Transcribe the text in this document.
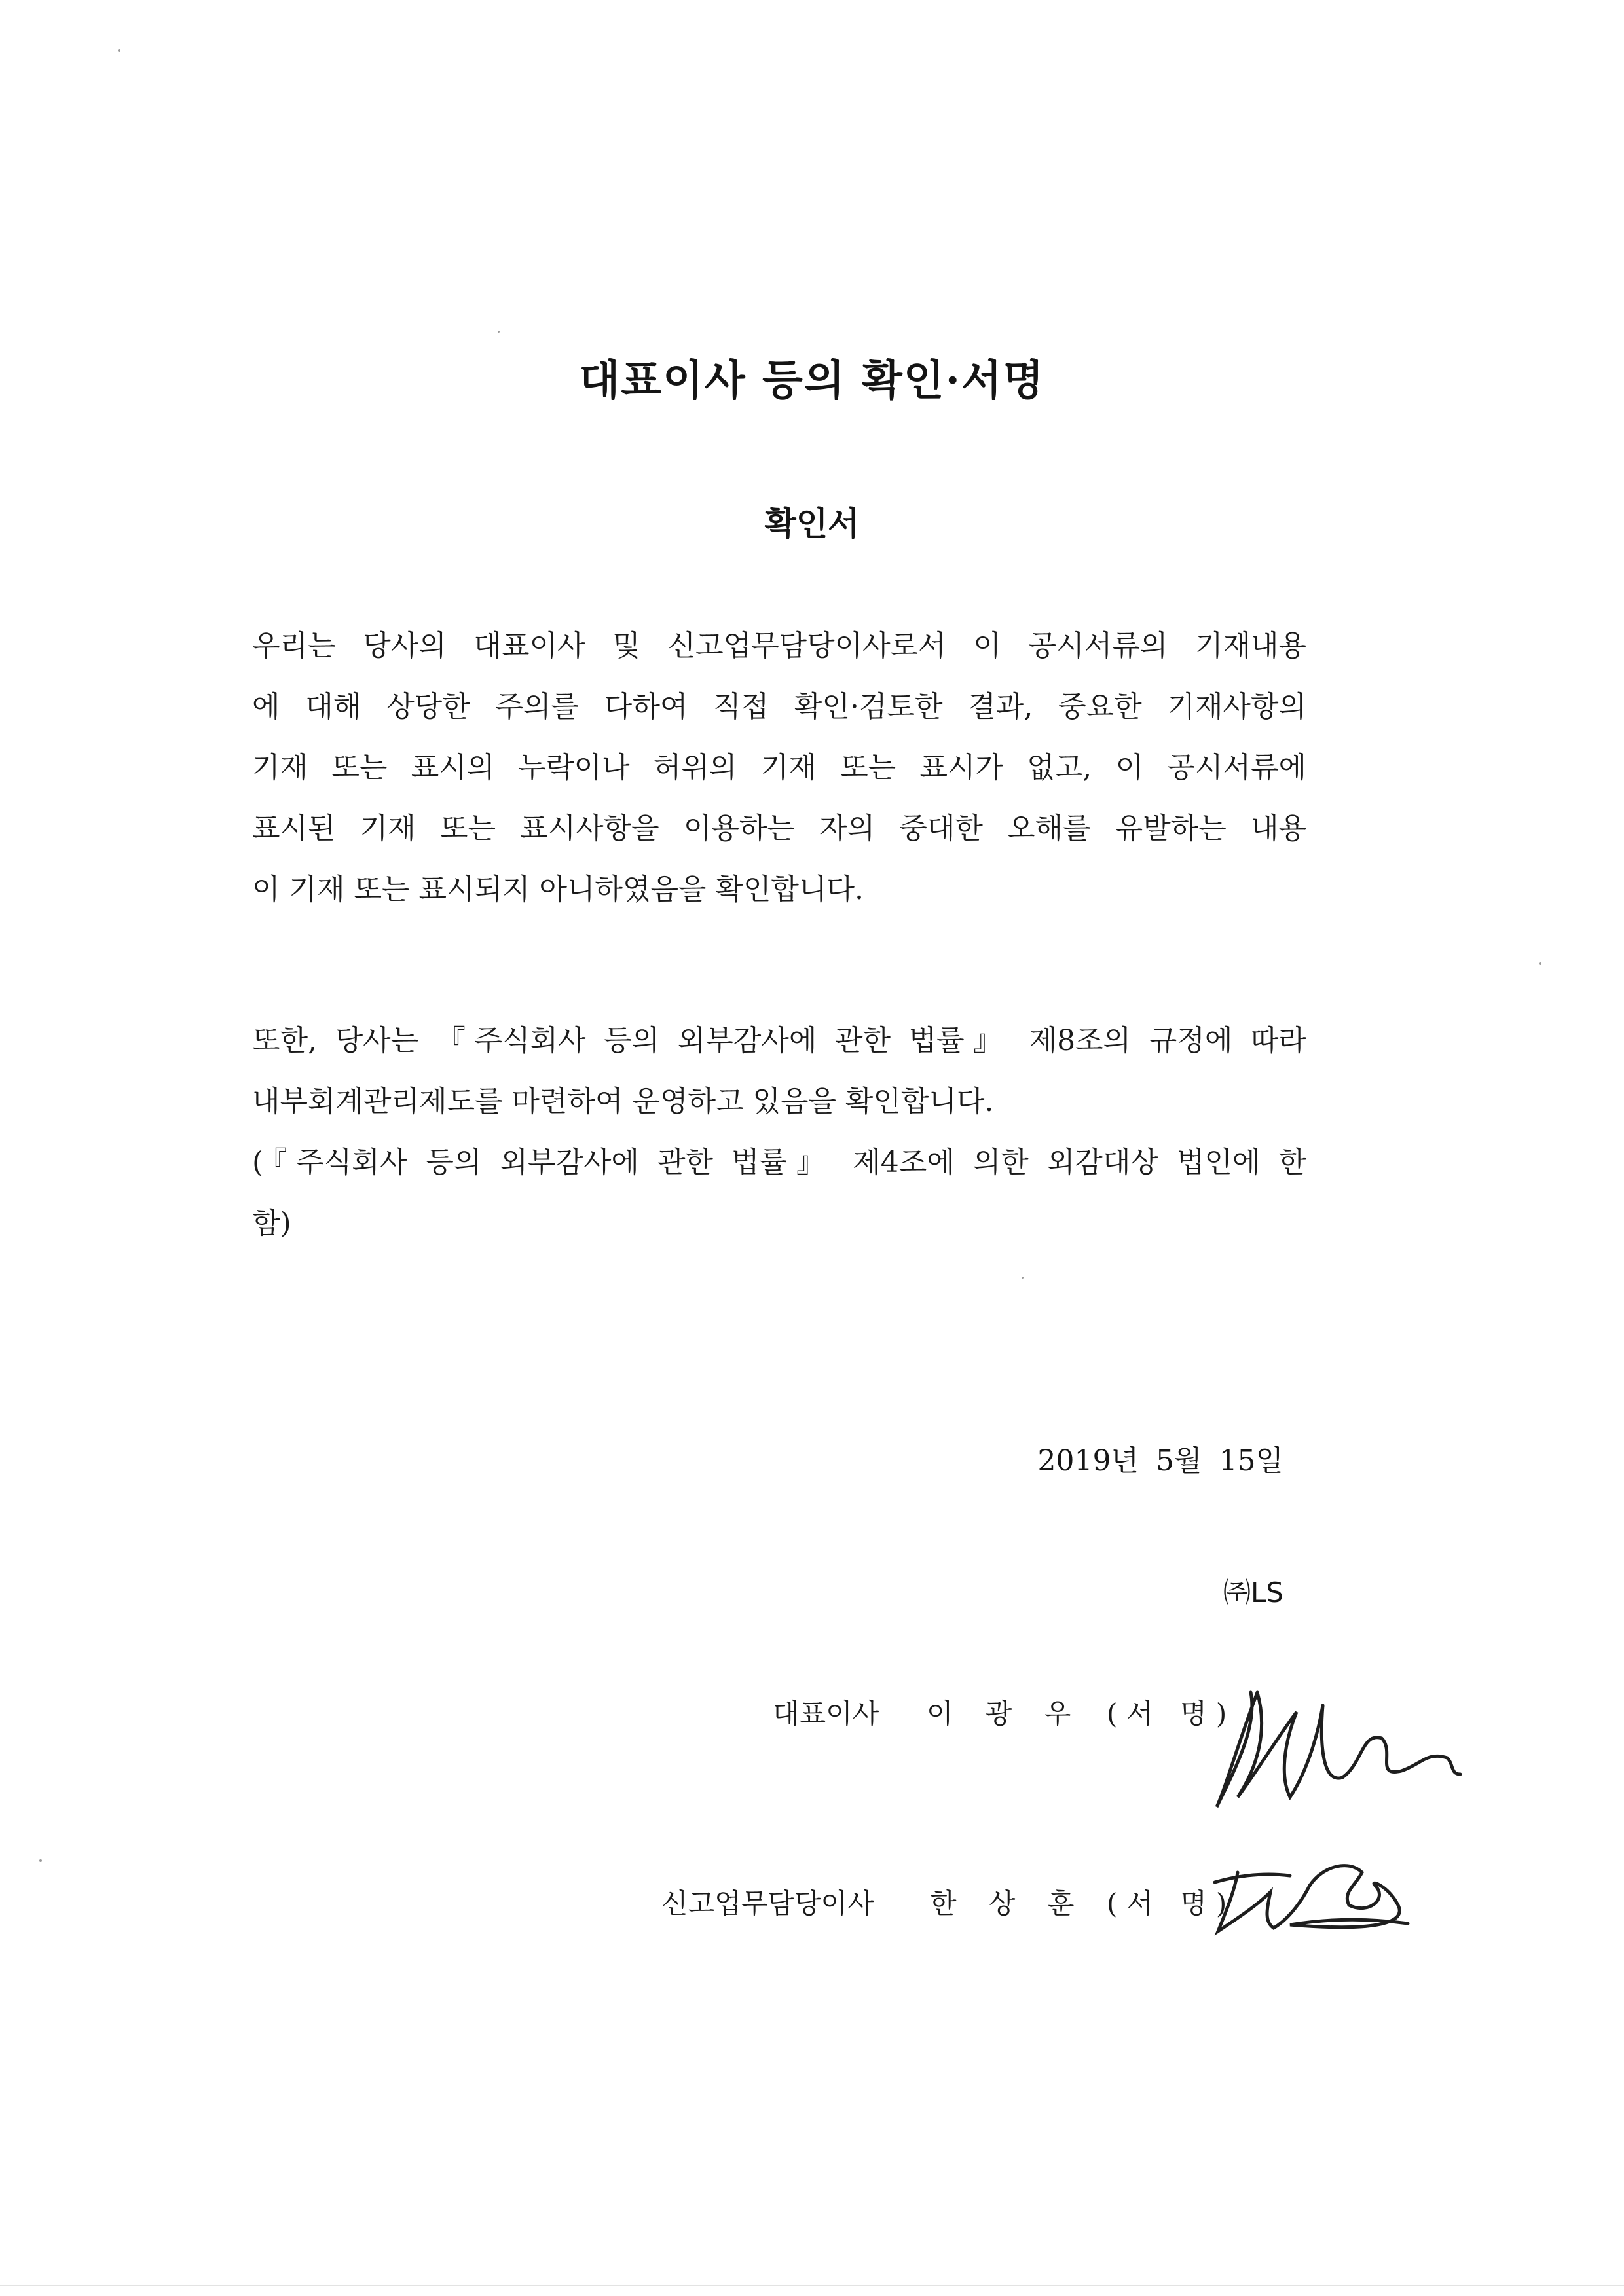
대표이사 등의 확인·서명
확인서
우리는 당사의 대표이사 및 신고업무담당이사로서 이 공시서류의 기재내용
에 대해 상당한 주의를 다하여 직접 확인·검토한 결과, 중요한 기재사항의
기재 또는 표시의 누락이나 허위의 기재 또는 표시가 없고, 이 공시서류에
표시된 기재 또는 표시사항을 이용하는 자의 중대한 오해를 유발하는 내용
이 기재 또는 표시되지 아니하였음을 확인합니다.
또한, 당사는 『주식회사 등의 외부감사에 관한 법률』 제8조의 규정에 따라
내부회계관리제도를 마련하여 운영하고 있음을 확인합니다.
(『주식회사 등의 외부감사에 관한 법률』 제4조에 의한 외감대상 법인에 한
함)
2019년 5월 15일
㈜LS
대표이사 이 광 우 (서 명)
신고업무담당이사 한 상 훈 (서 명)
